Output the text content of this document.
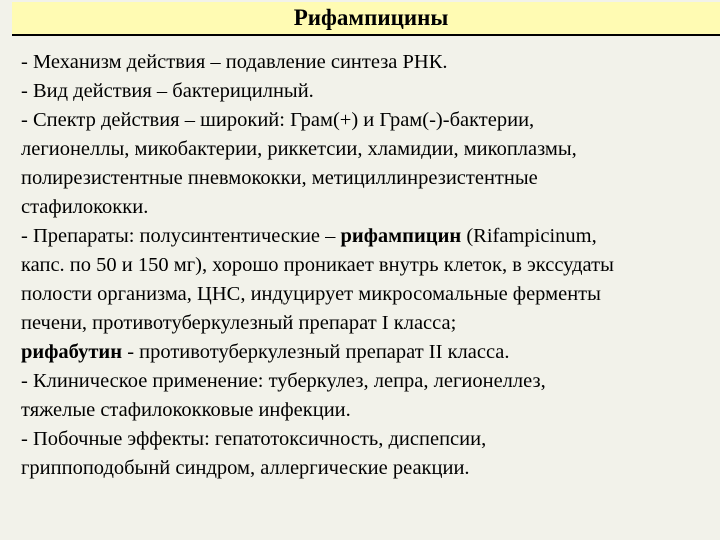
Рифампицины
- Механизм действия – подавление синтеза РНК.
- Вид действия – бактерицилный.
- Спектр действия – широкий: Грам(+) и Грам(-)-бактерии,
легионеллы, микобактерии, риккетсии, хламидии, микоплазмы,
полирезистентные пневмококки, метициллинрезистентные
стафилококки.
- Препараты: полусинтентические – рифампицин (Rifampicinum,
капс. по 50 и 150 мг), хорошо проникает внутрь клеток, в экссудаты
полости организма, ЦНС, индуцирует микросомальные ферменты
печени, противотуберкулезный препарат I класса;
рифабутин - противотуберкулезный препарат II класса.
- Клиническое применение: туберкулез, лепра, легионеллез,
тяжелые стафилококковые инфекции.
- Побочные эффекты: гепатотоксичность, диспепсии,
гриппоподобынй синдром, аллергические реакции.
